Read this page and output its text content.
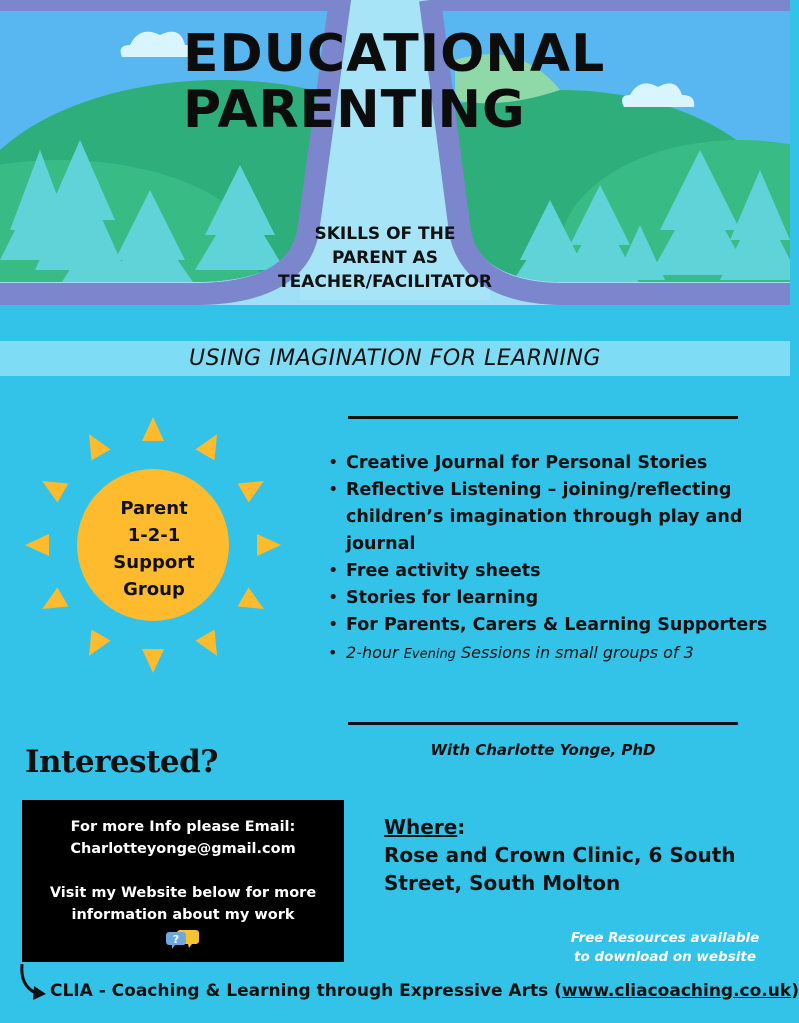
EDUCATIONAL
PARENTING
SKILLS OF THE
PARENT AS
TEACHER/FACILITATOR
USING IMAGINATION FOR LEARNING
Parent
1-2-1
Support
Group
• Creative Journal for Personal Stories
• Reflective Listening – joining/reflecting children’s imagination through play and journal
• Free activity sheets
• Stories for learning
• For Parents, Carers & Learning Supporters
• 2-hour Evening Sessions in small groups of 3
With Charlotte Yonge, PhD
Interested?
For more Info please Email:
Charlotteyonge@gmail.com
Visit my Website below for more
information about my work
?
Where:
Rose and Crown Clinic, 6 South Street, South Molton
Free Resources available
to download on website
CLIA - Coaching & Learning through Expressive Arts (www.cliacoaching.co.uk)
